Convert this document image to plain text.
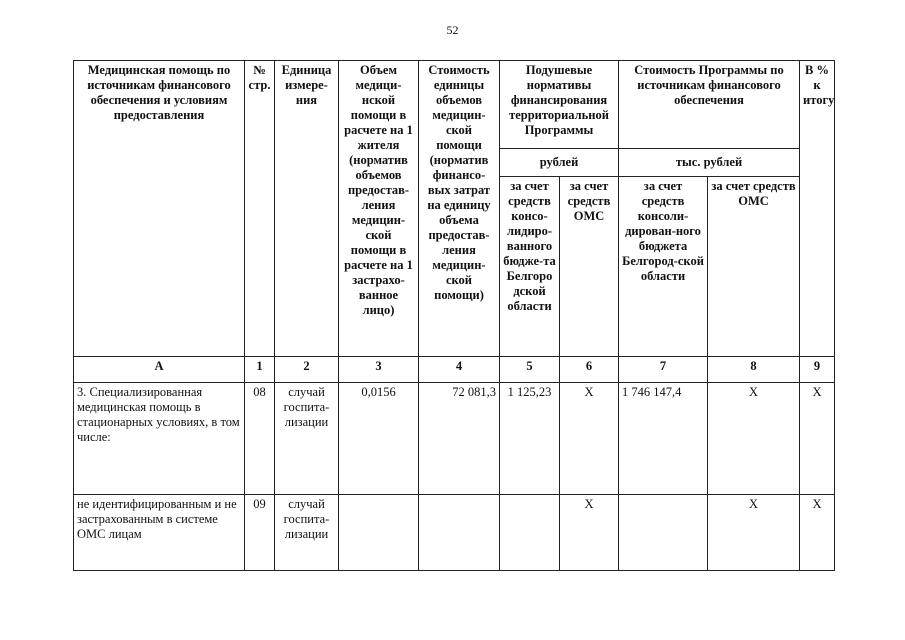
52
Медицинская помощь по источникам финансового обеспечения и условиям предоставления	№ стр.	Единица измере-ния	Объем медици-нской помощи в расчете на 1 жителя (норматив объемов предостав-ления медицин-ской помощи в расчете на 1 застрахо-ванное лицо)	Стоимость единицы объемов медицин-ской помощи (норматив финансо-вых затрат на единицу объема предостав-ления медицин-ской помощи)	Подушевые нормативы финансирования территориальной Программы		Стоимость Программы по источникам финансового обеспечения		В % к итогу
					рублей		тыс. рублей		
					за счет средств консо-лидиро-ванного бюдже-та Белгоро дской области	за счет средств ОМС	за счет средств консоли-дирован-ного бюджета Белгород-ской области	за счет средств ОМС	
А	1	2	3	4	5	6	7	8	9
3. Специализированная медицинская помощь в стационарных условиях, в том числе:	08	случай госпита-лизации	0,0156	72 081,3	1 125,23	Х	1 746 147,4	Х	Х
не идентифицированным и не застрахованным в системе ОМС лицам	09	случай госпита-лизации				Х		Х	Х
